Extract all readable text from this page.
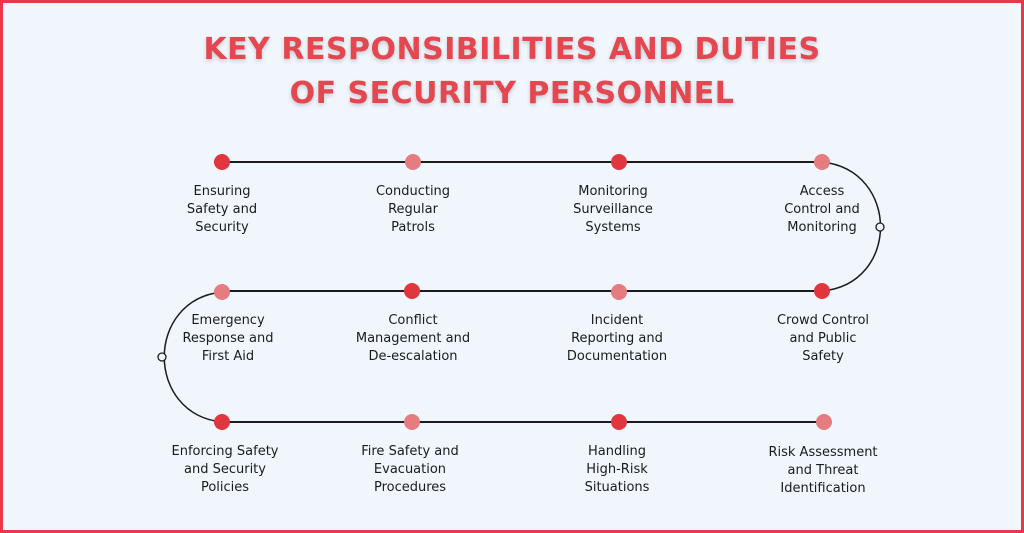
KEY RESPONSIBILITIES AND DUTIES
OF SECURITY PERSONNEL
Ensuring
Safety and
Security
Conducting
Regular
Patrols
Monitoring
Surveillance
Systems
Access
Control and
Monitoring
Emergency
Response and
First Aid
Conflict
Management and
De-escalation
Incident
Reporting and
Documentation
Crowd Control
and Public
Safety
Enforcing Safety
and Security
Policies
Fire Safety and
Evacuation
Procedures
Handling
High-Risk
Situations
Risk Assessment
and Threat
Identification
